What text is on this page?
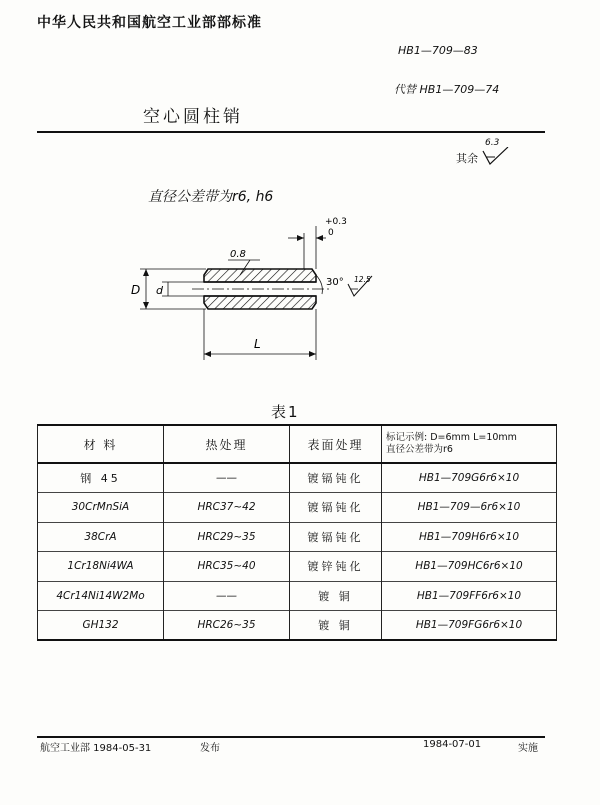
中华人民共和国航空工业部部标准
HB1—709—83
代替 HB1—709—74
空心圆柱销
其余
6.3
直径公差带为r6, h6
D d
L
0.8
+0.3
0
30° 12.5
表1
材 料	热处理	表面处理	标记示例: D=6mm L=10mm
直径公差带为r6

钢 45	——	镀镉钝化	HB1—709G6r6×10
30CrMnSiA	HRC37~42	镀镉钝化	HB1—709—6r6×10
38CrA	HRC29~35	镀镉钝化	HB1—709H6r6×10
1Cr18Ni4WA	HRC35~40	镀锌钝化	HB1—709HC6r6×10
4Cr14Ni14W2Mo	——	镀 铜	HB1—709FF6r6×10
GH132	HRC26~35	镀 铜	HB1—709FG6r6×10
航空工业部 1984-05-31	发布	1984-07-01	实施
